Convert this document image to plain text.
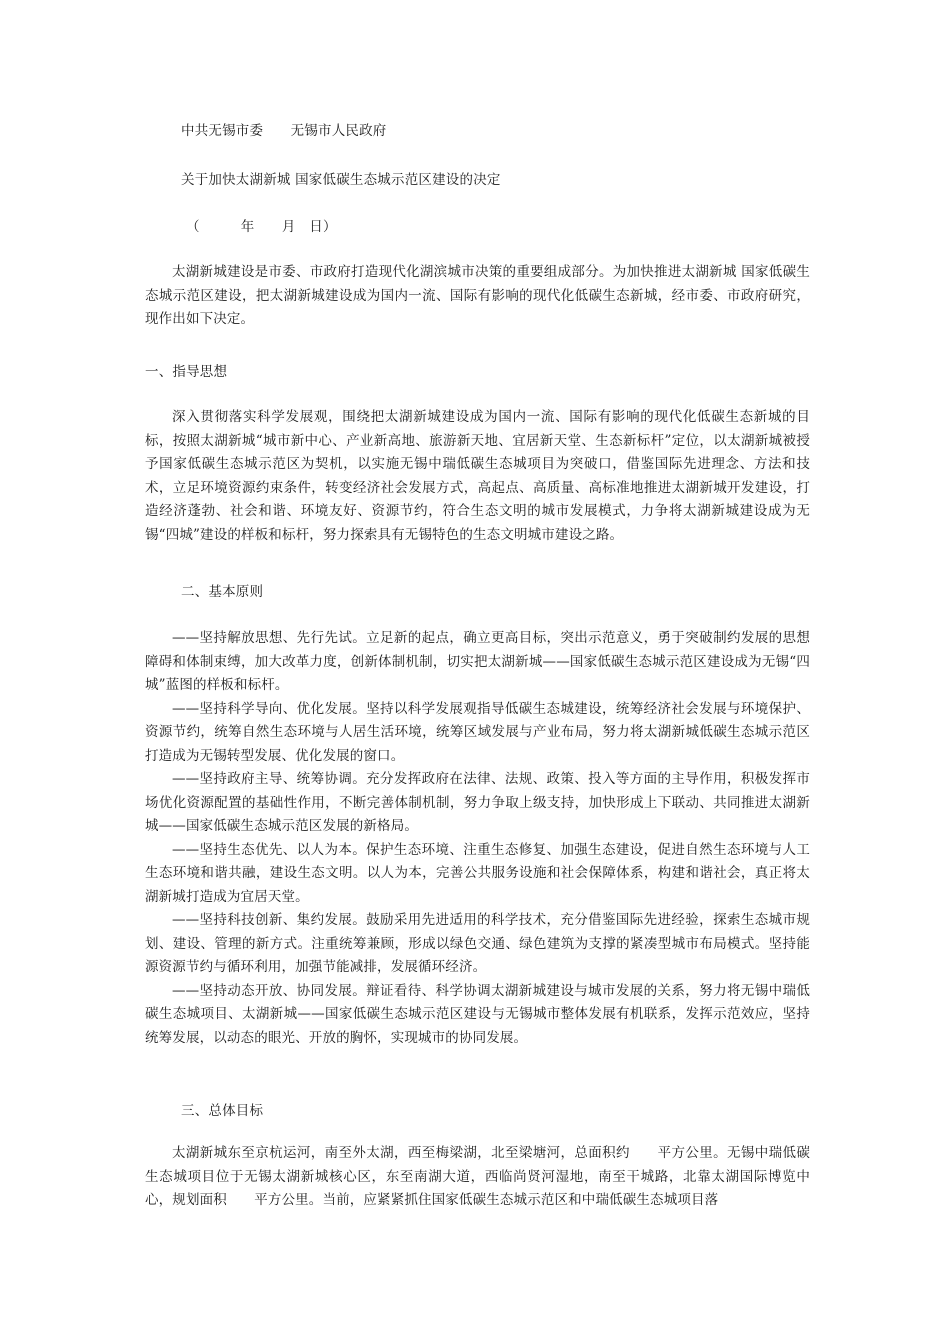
中共无锡市委　　无锡市人民政府
关于加快太湖新城 国家低碳生态城示范区建设的决定
（　　　年　　月　日）

太湖新城建设是市委、市政府打造现代化湖滨城市决策的重要组成部分。为加快推进太湖新城 国家低碳生态城示范区建设，把太湖新城建设成为国内一流、国际有影响的现代化低碳生态新城，经市委、市政府研究，现作出如下决定。

一、指导思想

深入贯彻落实科学发展观，围绕把太湖新城建设成为国内一流、国际有影响的现代化低碳生态新城的目标，按照太湖新城“城市新中心、产业新高地、旅游新天地、宜居新天堂、生态新标杆”定位，以太湖新城被授予国家低碳生态城示范区为契机，以实施无锡中瑞低碳生态城项目为突破口，借鉴国际先进理念、方法和技术，立足环境资源约束条件，转变经济社会发展方式，高起点、高质量、高标准地推进太湖新城开发建设，打造经济蓬勃、社会和谐、环境友好、资源节约，符合生态文明的城市发展模式，力争将太湖新城建设成为无锡“四城”建设的样板和标杆，努力探索具有无锡特色的生态文明城市建设之路。

二、基本原则

——坚持解放思想、先行先试。立足新的起点，确立更高目标，突出示范意义，勇于突破制约发展的思想障碍和体制束缚，加大改革力度，创新体制机制，切实把太湖新城——国家低碳生态城示范区建设成为无锡“四城”蓝图的样板和标杆。

——坚持科学导向、优化发展。坚持以科学发展观指导低碳生态城建设，统筹经济社会发展与环境保护、资源节约，统筹自然生态环境与人居生活环境，统筹区域发展与产业布局，努力将太湖新城低碳生态城示范区打造成为无锡转型发展、优化发展的窗口。

——坚持政府主导、统筹协调。充分发挥政府在法律、法规、政策、投入等方面的主导作用，积极发挥市场优化资源配置的基础性作用，不断完善体制机制，努力争取上级支持，加快形成上下联动、共同推进太湖新城——国家低碳生态城示范区发展的新格局。

——坚持生态优先、以人为本。保护生态环境、注重生态修复、加强生态建设，促进自然生态环境与人工生态环境和谐共融，建设生态文明。以人为本，完善公共服务设施和社会保障体系，构建和谐社会，真正将太湖新城打造成为宜居天堂。

——坚持科技创新、集约发展。鼓励采用先进适用的科学技术，充分借鉴国际先进经验，探索生态城市规划、建设、管理的新方式。注重统筹兼顾，形成以绿色交通、绿色建筑为支撑的紧凑型城市布局模式。坚持能源资源节约与循环利用，加强节能减排，发展循环经济。

——坚持动态开放、协同发展。辩证看待、科学协调太湖新城建设与城市发展的关系，努力将无锡中瑞低碳生态城项目、太湖新城——国家低碳生态城示范区建设与无锡城市整体发展有机联系，发挥示范效应，坚持统筹发展，以动态的眼光、开放的胸怀，实现城市的协同发展。

三、总体目标

太湖新城东至京杭运河，南至外太湖，西至梅梁湖，北至梁塘河，总面积约　　平方公里。无锡中瑞低碳生态城项目位于无锡太湖新城核心区，东至南湖大道，西临尚贤河湿地，南至干城路，北靠太湖国际博览中心，规划面积　　平方公里。当前，应紧紧抓住国家低碳生态城示范区和中瑞低碳生态城项目落
